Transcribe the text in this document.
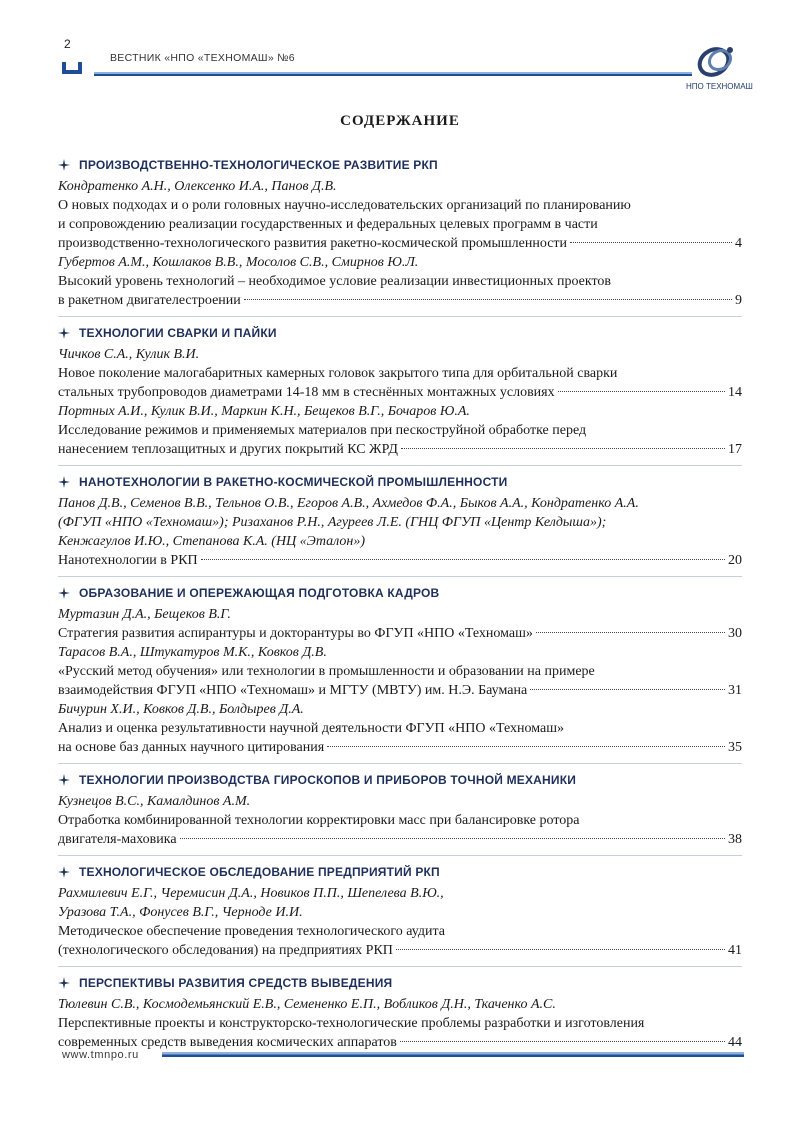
2
ВЕСТНИК «НПО «ТЕХНОМАШ» №6
НПО ТЕХНОМАШ
СОДЕРЖАНИЕ
ПРОИЗВОДСТВЕННО-ТЕХНОЛОГИЧЕСКОЕ РАЗВИТИЕ РКП
Кондратенко А.Н., Олексенко И.А., Панов Д.В.
О новых подходах и о роли головных научно-исследовательских организаций по планированию
и сопровождению реализации государственных и федеральных целевых программ в части
производственно-технологического развития ракетно-космической промышленности	4
Губертов А.М., Кошлаков В.В., Мосолов С.В., Смирнов Ю.Л.
Высокий уровень технологий – необходимое условие реализации инвестиционных проектов
в ракетном двигателестроении	9
ТЕХНОЛОГИИ СВАРКИ И ПАЙКИ
Чичков С.А., Кулик В.И.
Новое поколение малогабаритных камерных головок закрытого типа для орбитальной сварки
стальных трубопроводов диаметрами 14-18 мм в стеснённых монтажных условиях	14
Портных А.И., Кулик В.И., Маркин К.Н., Бещеков В.Г., Бочаров Ю.А.
Исследование режимов и применяемых материалов при пескоструйной обработке перед
нанесением теплозащитных и других покрытий КС ЖРД	17
НАНОТЕХНОЛОГИИ В РАКЕТНО-КОСМИЧЕСКОЙ ПРОМЫШЛЕННОСТИ
Панов Д.В., Семенов В.В., Тельнов О.В., Егоров А.В., Ахмедов Ф.А., Быков А.А., Кондратенко А.А.
(ФГУП «НПО «Техномаш»); Ризаханов Р.Н., Агуреев Л.Е. (ГНЦ ФГУП «Центр Келдыша»);
Кенжагулов И.Ю., Степанова К.А. (НЦ «Эталон»)
Нанотехнологии в РКП	20
ОБРАЗОВАНИЕ И ОПЕРЕЖАЮЩАЯ ПОДГОТОВКА КАДРОВ
Муртазин Д.А., Бещеков В.Г.
Стратегия развития аспирантуры и докторантуры во ФГУП «НПО «Техномаш»	30
Тарасов В.А., Штукатуров М.К., Ковков Д.В.
«Русский метод обучения» или технологии в промышленности и образовании на примере
взаимодействия ФГУП «НПО «Техномаш» и МГТУ (МВТУ) им. Н.Э. Баумана	31
Бичурин Х.И., Ковков Д.В., Болдырев Д.А.
Анализ и оценка результативности научной деятельности ФГУП «НПО «Техномаш»
на основе баз данных научного цитирования	35
ТЕХНОЛОГИИ ПРОИЗВОДСТВА ГИРОСКОПОВ И ПРИБОРОВ ТОЧНОЙ МЕХАНИКИ
Кузнецов В.С., Камалдинов А.М.
Отработка комбинированной технологии корректировки масс при балансировке ротора
двигателя-маховика	38
ТЕХНОЛОГИЧЕСКОЕ ОБСЛЕДОВАНИЕ ПРЕДПРИЯТИЙ РКП
Рахмилевич Е.Г., Черемисин Д.А., Новиков П.П., Шепелева В.Ю.,
Уразова Т.А., Фонусев В.Г., Черноде И.И.
Методическое обеспечение проведения технологического аудита
(технологического обследования) на предприятиях РКП	41
ПЕРСПЕКТИВЫ РАЗВИТИЯ СРЕДСТВ ВЫВЕДЕНИЯ
Тюлевин С.В., Космодемьянский Е.В., Семененко Е.П., Вобликов Д.Н., Ткаченко А.С.
Перспективные проекты и конструкторско-технологические проблемы разработки и изготовления
современных средств выведения космических аппаратов	44
www.tmnpo.ru
